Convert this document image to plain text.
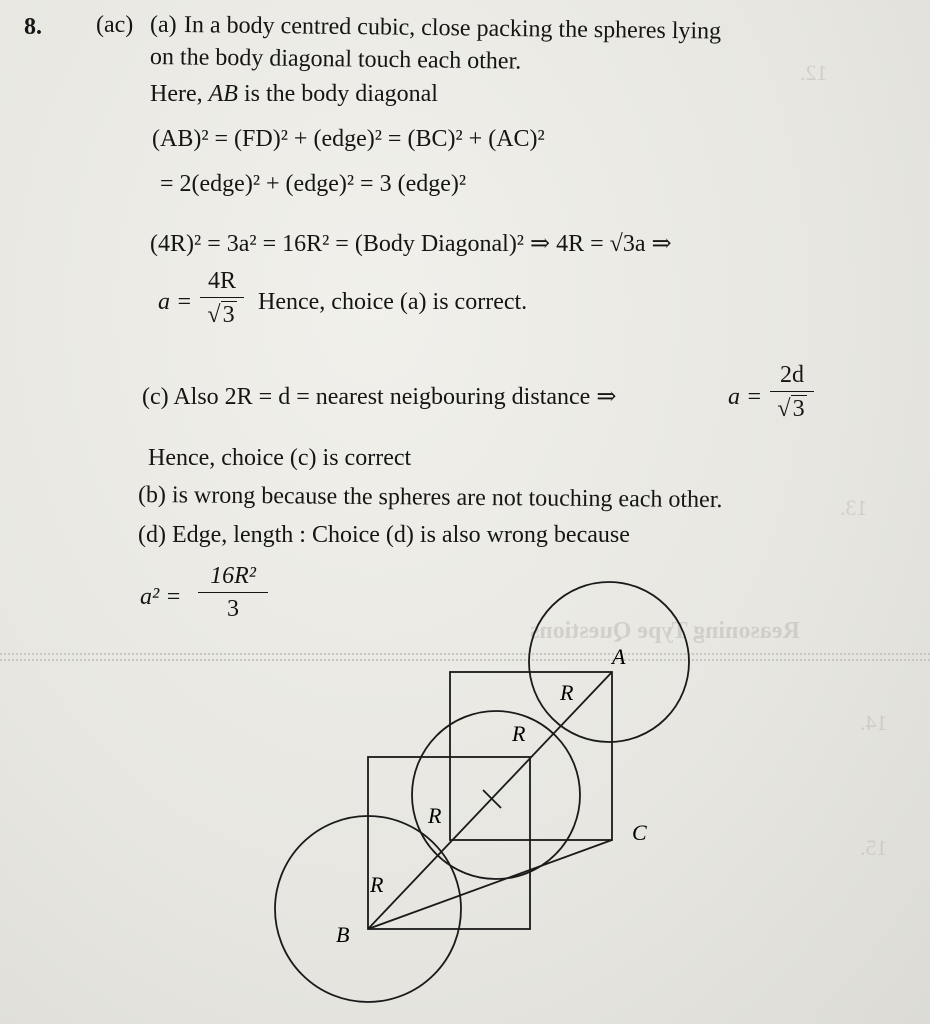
Reasoning Type Questions
14.
15.
13.
12.
8. (ac) (a) In a body centred cubic, close packing the spheres lying
on the body diagonal touch each other.
Here, AB is the body diagonal
(AB)² = (FD)² + (edge)² = (BC)² + (AC)²
= 2(edge)² + (edge)² = 3 (edge)²
(4R)² = 3a² = 16R² = (Body Diagonal)² ⇒ 4R = √3a ⇒
a =
4R
√3 Hence, choice (a) is correct.
(c) Also 2R = d = nearest neigbouring distance ⇒	a =
2d
√3
Hence, choice (c) is correct
(b) is wrong because the spheres are not touching each other.
(d) Edge, length : Choice (d) is also wrong because
a² =
16R²
3
A
B
C
R
R
R
R
